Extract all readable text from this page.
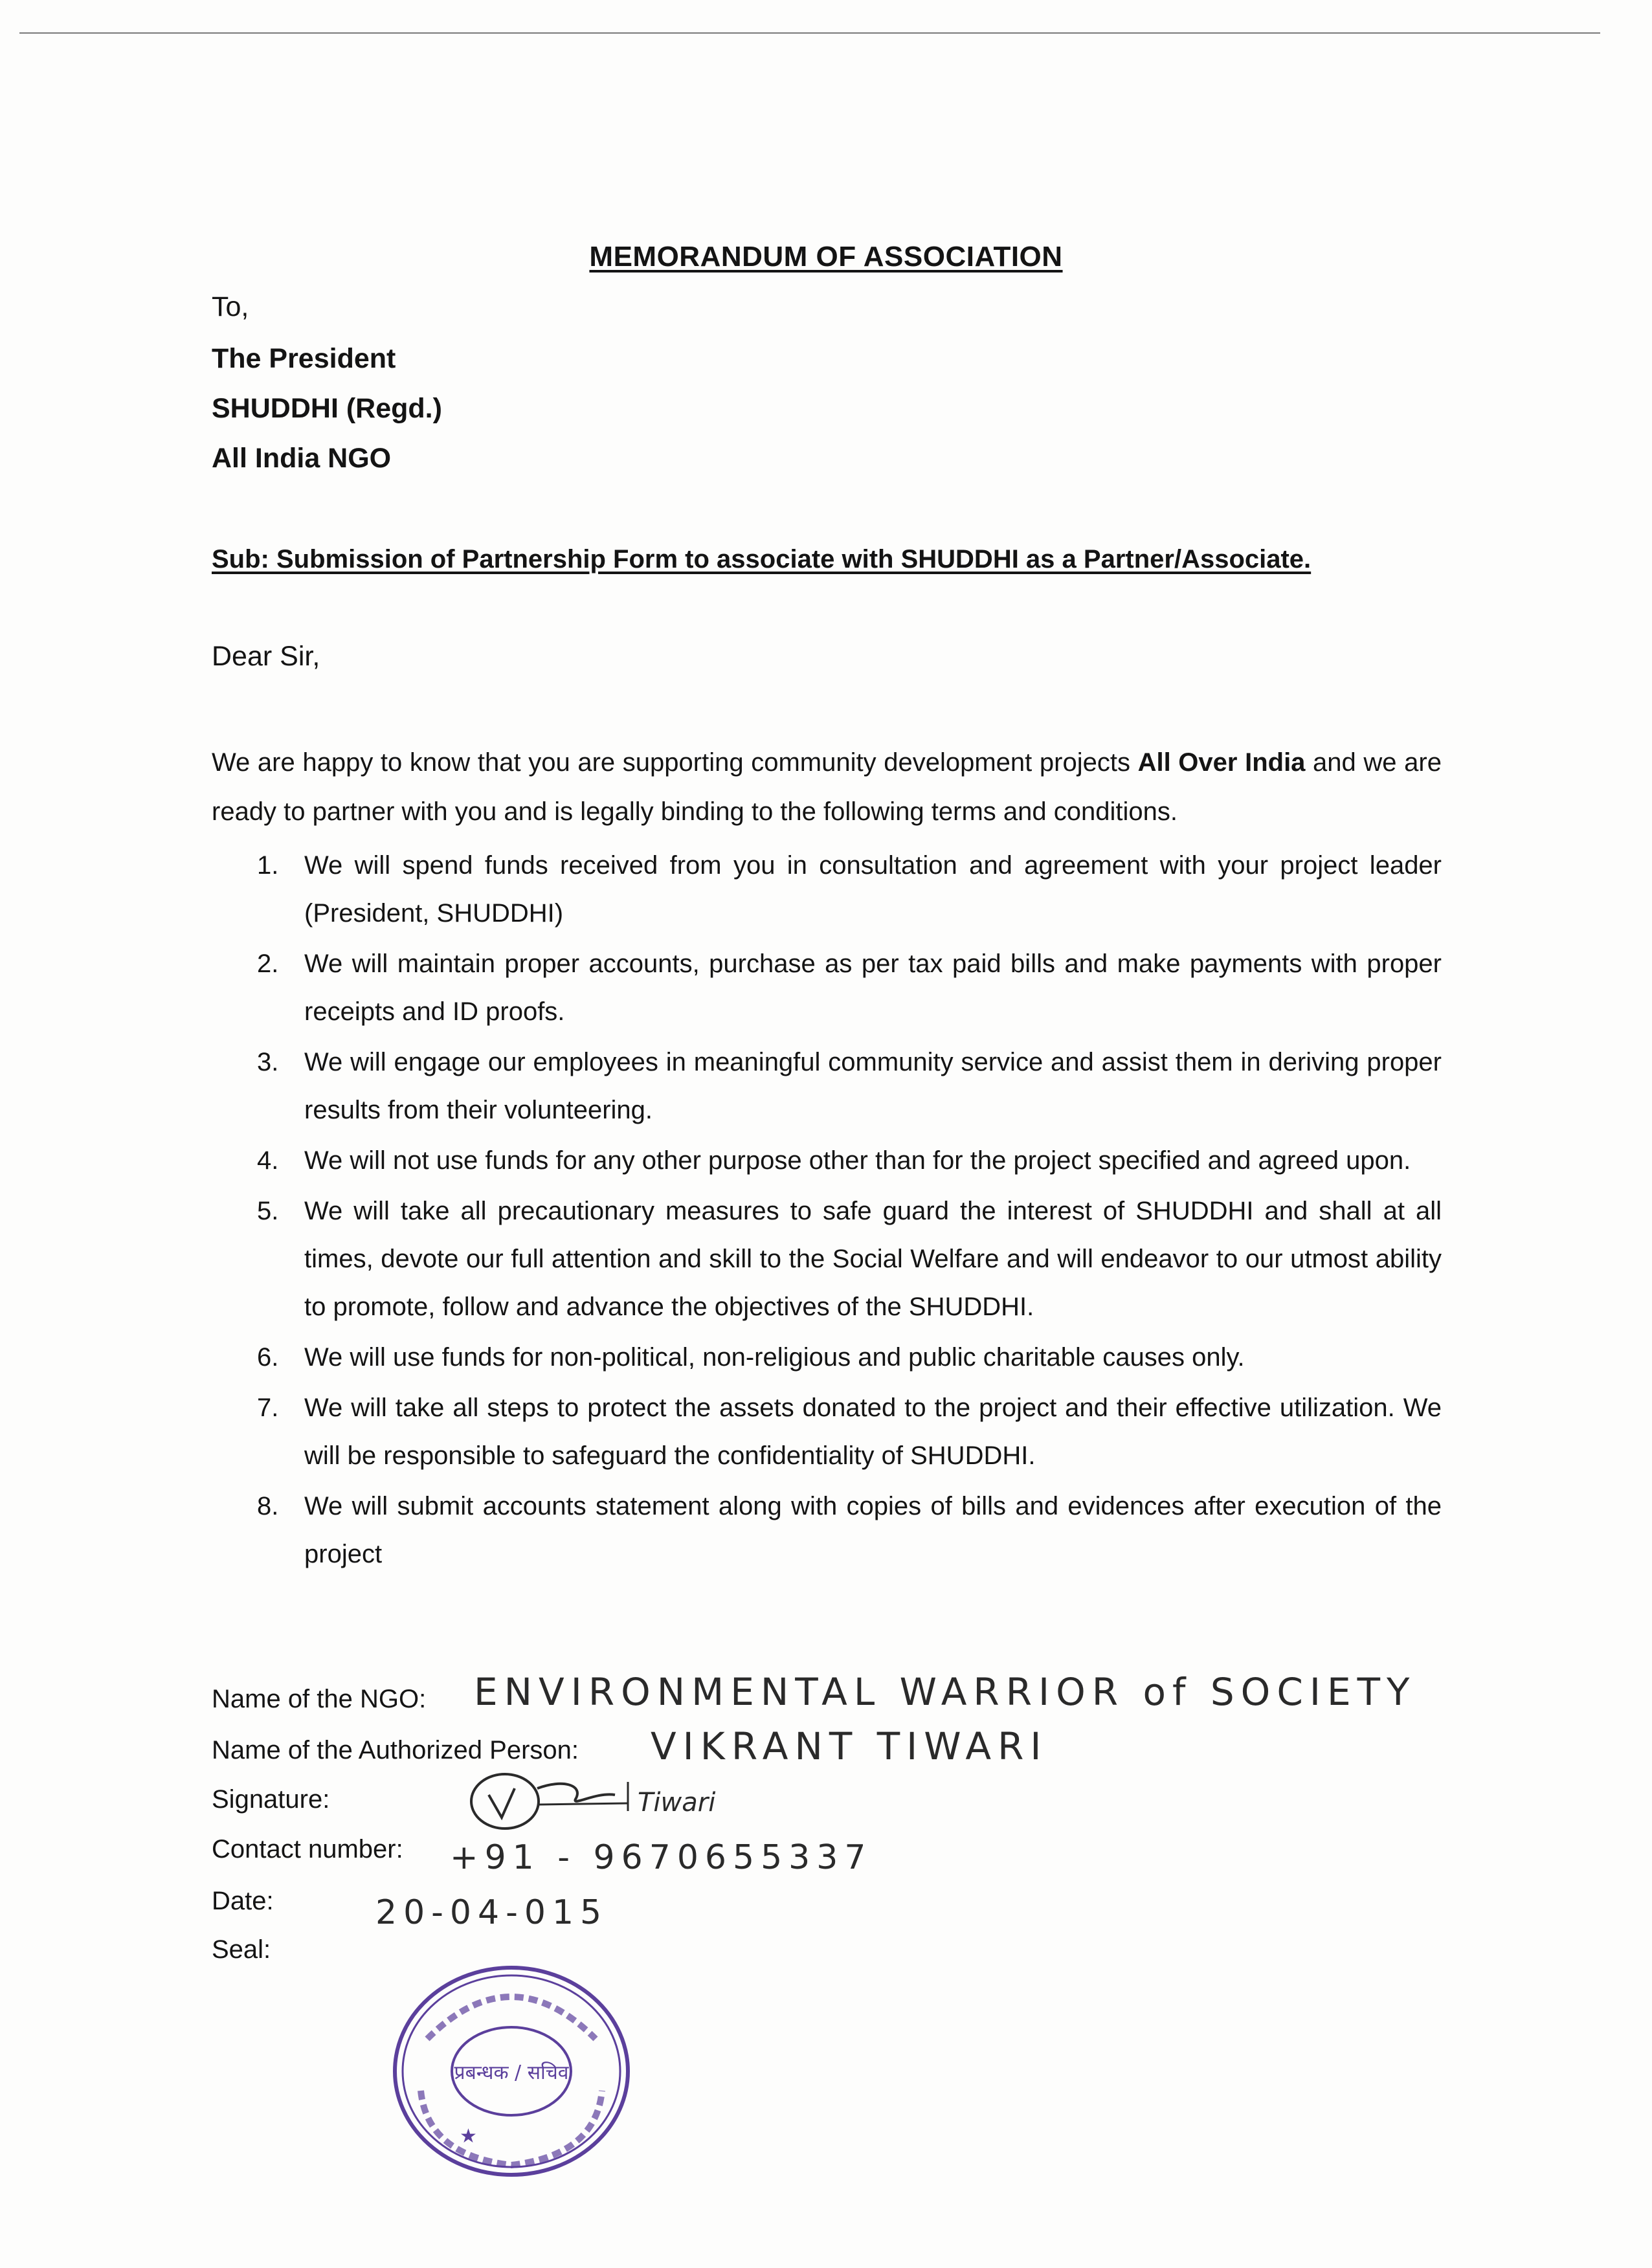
MEMORANDUM OF ASSOCIATION
To,
The President
SHUDDHI (Regd.)
All India NGO
Sub: Submission of Partnership Form to associate with SHUDDHI as a Partner/Associate.
Dear Sir,
We are happy to know that you are supporting community development projects All Over India and we are ready to partner with you and is legally binding to the following terms and conditions.
1. We will spend funds received from you in consultation and agreement with your project leader (President, SHUDDHI)
2. We will maintain proper accounts, purchase as per tax paid bills and make payments with proper receipts and ID proofs.
3. We will engage our employees in meaningful community service and assist them in deriving proper results from their volunteering.
4. We will not use funds for any other purpose other than for the project specified and agreed upon.
5. We will take all precautionary measures to safe guard the interest of SHUDDHI and shall at all times, devote our full attention and skill to the Social Welfare and will endeavor to our utmost ability to promote, follow and advance the objectives of the SHUDDHI.
6. We will use funds for non-political, non-religious and public charitable causes only.
7. We will take all steps to protect the assets donated to the project and their effective utilization. We will be responsible to safeguard the confidentiality of SHUDDHI.
8. We will submit accounts statement along with copies of bills and evidences after execution of the project
Name of the NGO: ENVIRONMENTAL WARRIOR of SOCIETY
Name of the Authorized Person: VIKRANT TIWARI
Signature:	Tiwari
Contact number: +91 - 9670655337
Date:	20-04-015
Seal:
प्रबन्धक / सचिव
★
